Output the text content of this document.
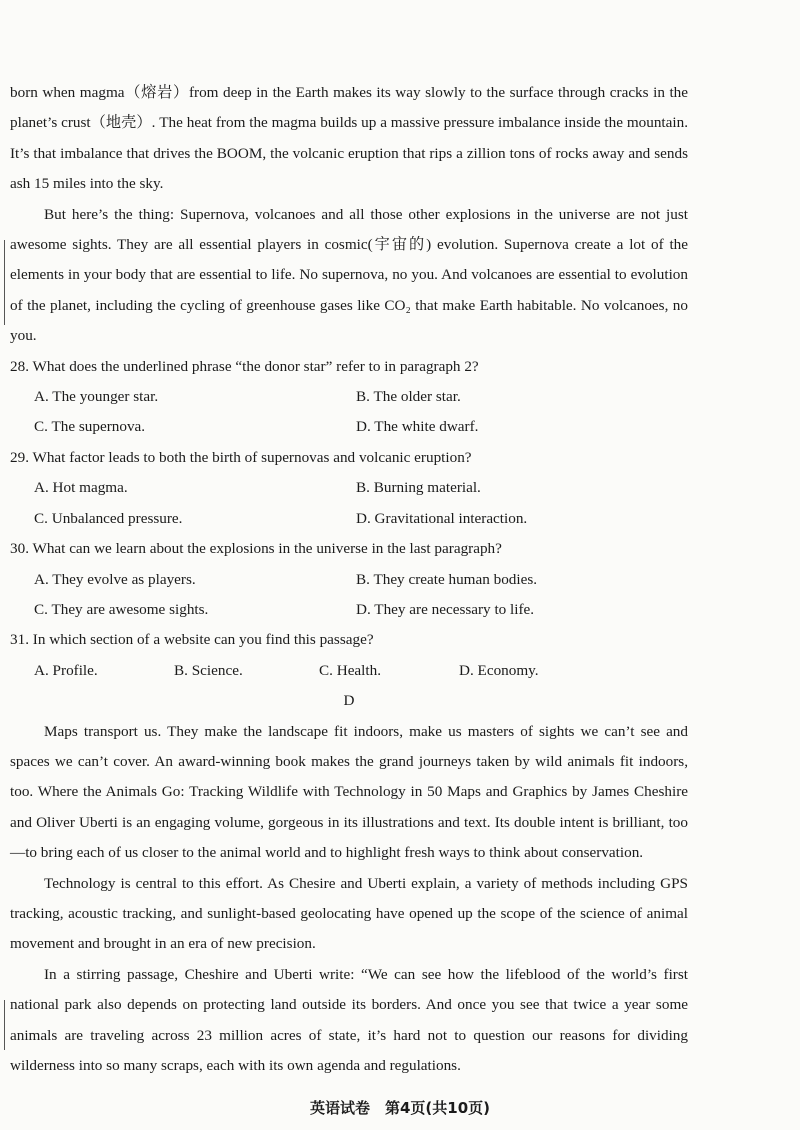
born when magma（熔岩）from deep in the Earth makes its way slowly to the surface through cracks in the planet’s crust（地壳）. The heat from the magma builds up a massive pressure imbalance inside the mountain. It’s that imbalance that drives the BOOM, the volcanic eruption that rips a zillion tons of rocks away and sends ash 15 miles into the sky.

But here’s the thing: Supernova, volcanoes and all those other explosions in the universe are not just awesome sights. They are all essential players in cosmic(宇宙的) evolution. Supernova create a lot of the elements in your body that are essential to life. No supernova, no you. And volcanoes are essential to evolution of the planet, including the cycling of greenhouse gases like CO₂ that make Earth habitable. No volcanoes, no you.

28. What does the underlined phrase “the donor star” refer to in paragraph 2?
A. The younger star.	B. The older star.
C. The supernova.	D. The white dwarf.
29. What factor leads to both the birth of supernovas and volcanic eruption?
A. Hot magma.	B. Burning material.
C. Unbalanced pressure.	D. Gravitational interaction.
30. What can we learn about the explosions in the universe in the last paragraph?
A. They evolve as players.	B. They create human bodies.
C. They are awesome sights.	D. They are necessary to life.
31. In which section of a website can you find this passage?
A. Profile.	B. Science.	C. Health.	D. Economy.
D

Maps transport us. They make the landscape fit indoors, make us masters of sights we can’t see and spaces we can’t cover. An award-winning book makes the grand journeys taken by wild animals fit indoors, too. Where the Animals Go: Tracking Wildlife with Technology in 50 Maps and Graphics by James Cheshire and Oliver Uberti is an engaging volume, gorgeous in its illustrations and text. Its double intent is brilliant, too—to bring each of us closer to the animal world and to highlight fresh ways to think about conservation.

Technology is central to this effort. As Chesire and Uberti explain, a variety of methods including GPS tracking, acoustic tracking, and sunlight-based geolocating have opened up the scope of the science of animal movement and brought in an era of new precision.

In a stirring passage, Cheshire and Uberti write: “We can see how the lifeblood of the world’s first national park also depends on protecting land outside its borders. And once you see that twice a year some animals are traveling across 23 million acres of state, it’s hard not to question our reasons for dividing wilderness into so many scraps, each with its own agenda and regulations.

英语试卷　第4页(共10页)
